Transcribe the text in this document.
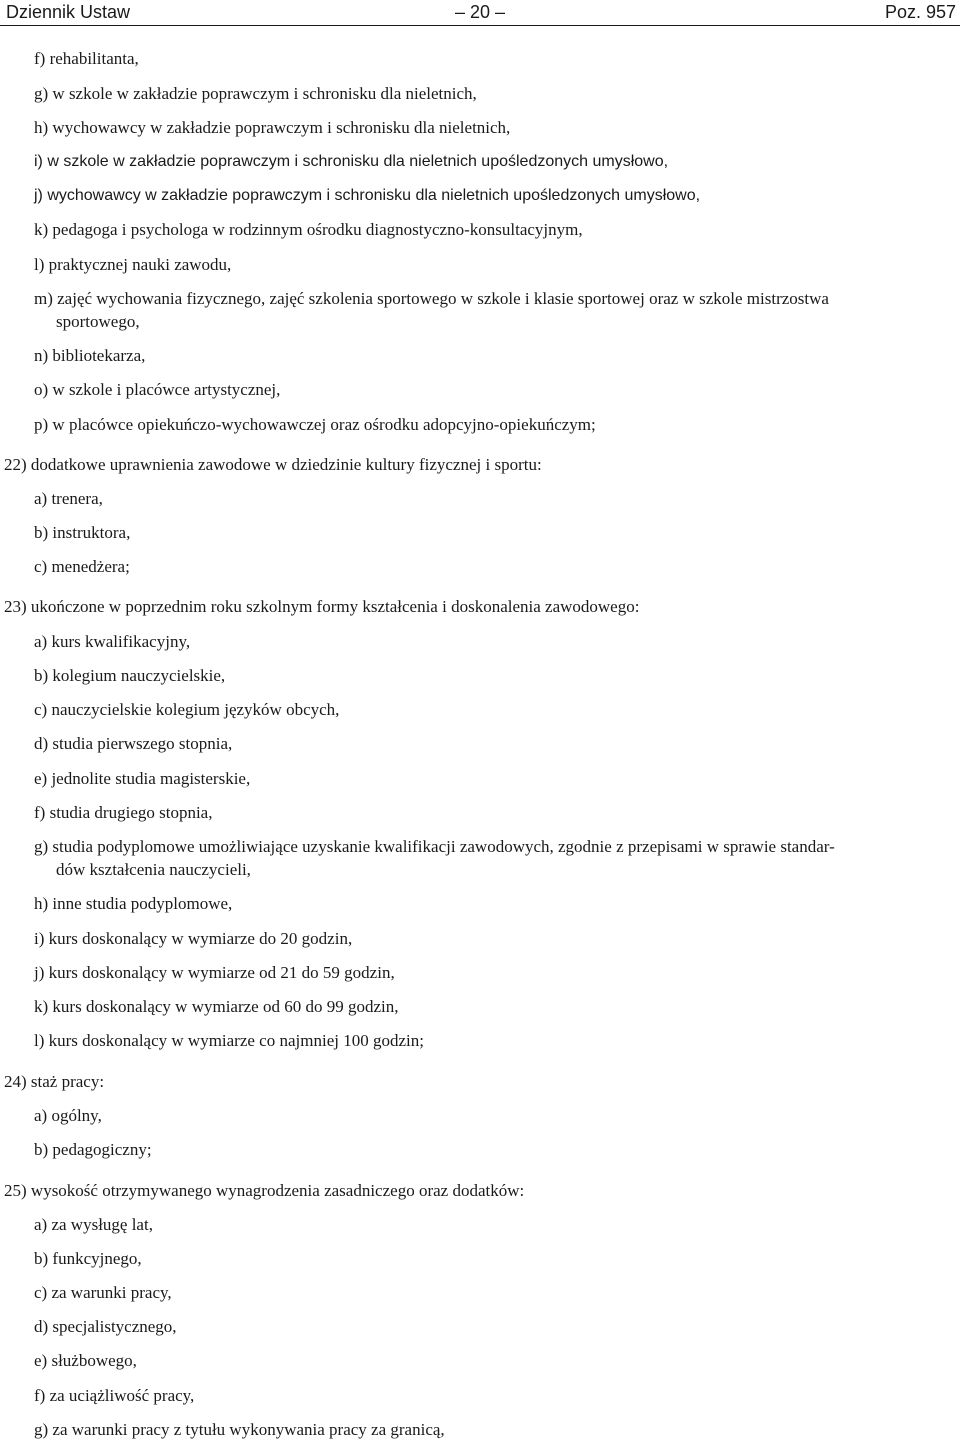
Dziennik Ustaw	– 20 –	Poz. 957
f) rehabilitanta,
g) w szkole w zakładzie poprawczym i schronisku dla nieletnich,
h) wychowawcy w zakładzie poprawczym i schronisku dla nieletnich,
i) w szkole w zakładzie poprawczym i schronisku dla nieletnich upośledzonych umysłowo,
j) wychowawcy w zakładzie poprawczym i schronisku dla nieletnich upośledzonych umysłowo,
k) pedagoga i psychologa w rodzinnym ośrodku diagnostyczno-konsultacyjnym,
l) praktycznej nauki zawodu,
m) zajęć wychowania fizycznego, zajęć szkolenia sportowego w szkole i klasie sportowej oraz w szkole mistrzostwa
sportowego,
n) bibliotekarza,
o) w szkole i placówce artystycznej,
p) w placówce opiekuńczo-wychowawczej oraz ośrodku adopcyjno-opiekuńczym;
22) dodatkowe uprawnienia zawodowe w dziedzinie kultury fizycznej i sportu:
a) trenera,
b) instruktora,
c) menedżera;
23) ukończone w poprzednim roku szkolnym formy kształcenia i doskonalenia zawodowego:
a) kurs kwalifikacyjny,
b) kolegium nauczycielskie,
c) nauczycielskie kolegium języków obcych,
d) studia pierwszego stopnia,
e) jednolite studia magisterskie,
f) studia drugiego stopnia,
g) studia podyplomowe umożliwiające uzyskanie kwalifikacji zawodowych, zgodnie z przepisami w sprawie standar-
dów kształcenia nauczycieli,
h) inne studia podyplomowe,
i) kurs doskonalący w wymiarze do 20 godzin,
j) kurs doskonalący w wymiarze od 21 do 59 godzin,
k) kurs doskonalący w wymiarze od 60 do 99 godzin,
l) kurs doskonalący w wymiarze co najmniej 100 godzin;
24) staż pracy:
a) ogólny,
b) pedagogiczny;
25) wysokość otrzymywanego wynagrodzenia zasadniczego oraz dodatków:
a) za wysługę lat,
b) funkcyjnego,
c) za warunki pracy,
d) specjalistycznego,
e) służbowego,
f) za uciążliwość pracy,
g) za warunki pracy z tytułu wykonywania pracy za granicą,
